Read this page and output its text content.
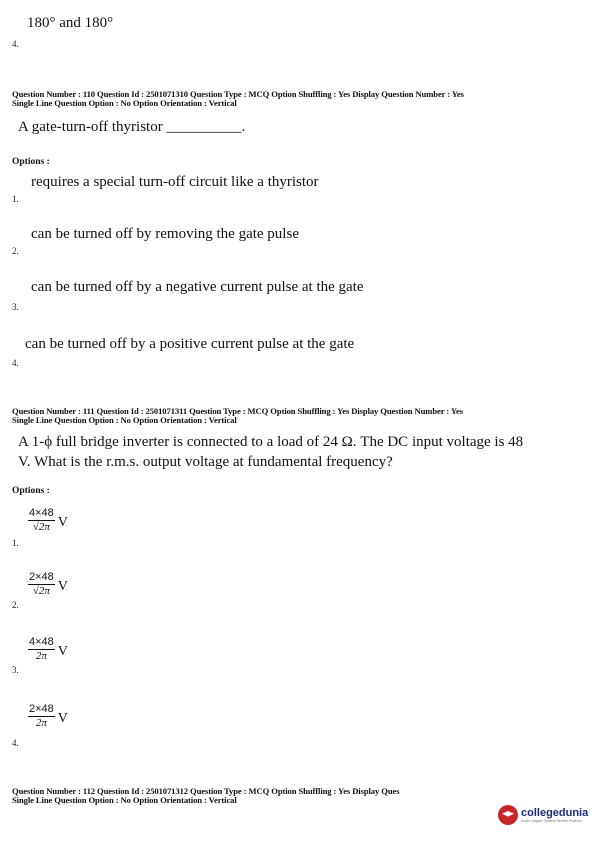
180° and 180°
4.
Question Number : 110 Question Id : 2501071310 Question Type : MCQ Option Shuffling : Yes Display Question Number : Yes
Single Line Question Option : No Option Orientation : Vertical
A gate-turn-off thyristor __________.
Options :
requires a special turn-off circuit like a thyristor
1.
can be turned off by removing the gate pulse
2.
can be turned off by a negative current pulse at the gate
3.
can be turned off by a positive current pulse at the gate
4.
Question Number : 111 Question Id : 2501071311 Question Type : MCQ Option Shuffling : Yes Display Question Number : Yes
Single Line Question Option : No Option Orientation : Vertical
A 1-ϕ full bridge inverter is connected to a load of 24 Ω. The DC input voltage is 48
V. What is the r.m.s. output voltage at fundamental frequency?
Options :
4×48
√2π V
1.
2×48
√2π V
2.
4×48
2π V
3.
2×48
2π V
4.
Question Number : 112 Question Id : 2501071312 Question Type : MCQ Option Shuffling : Yes Display Ques
Single Line Question Option : No Option Orientation : Vertical
collegedunia
India's largest Student Review Platform
